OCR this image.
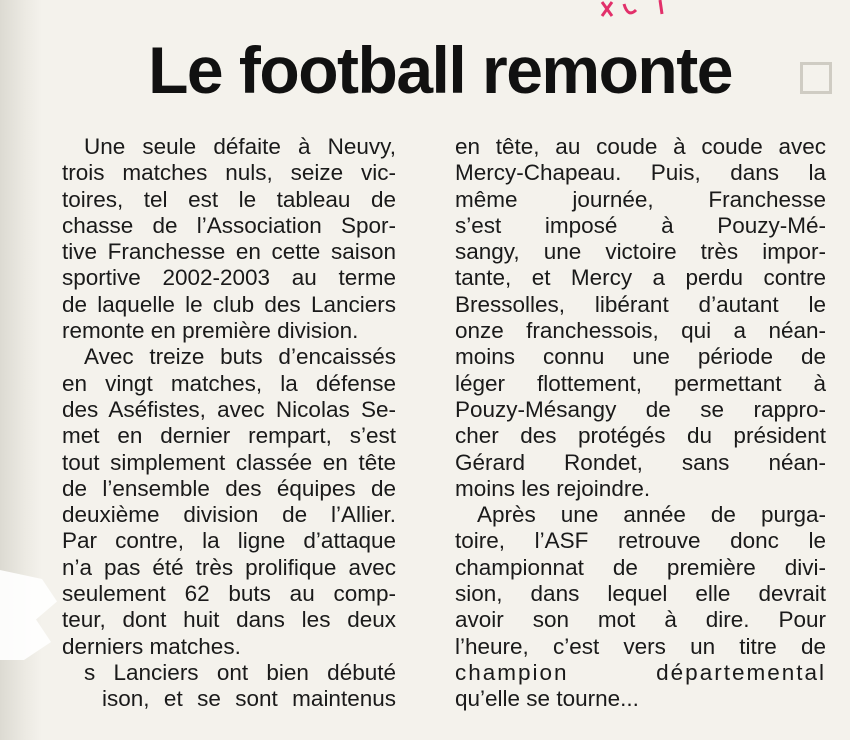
Le football remonte
Une seule défaite à Neuvy,
trois matches nuls, seize vic-
toires, tel est le tableau de
chasse de l’Association Spor-
tive Franchesse en cette saison
sportive 2002-2003 au terme
de laquelle le club des Lanciers
remonte en première division.
Avec treize buts d’encaissés
en vingt matches, la défense
des Aséfistes, avec Nicolas Se-
met en dernier rempart, s’est
tout simplement classée en tête
de l’ensemble des équipes de
deuxième division de l’Allier.
Par contre, la ligne d’attaque
n’a pas été très prolifique avec
seulement 62 buts au comp-
teur, dont huit dans les deux
derniers matches.
s Lanciers ont bien débuté
ison, et se sont maintenus
en tête, au coude à coude avec
Mercy-Chapeau. Puis, dans la
même journée, Franchesse
s’est imposé à Pouzy-Mé-
sangy, une victoire très impor-
tante, et Mercy a perdu contre
Bressolles, libérant d’autant le
onze franchessois, qui a néan-
moins connu une période de
léger flottement, permettant à
Pouzy-Mésangy de se rappro-
cher des protégés du président
Gérard Rondet, sans néan-
moins les rejoindre.
Après une année de purga-
toire, l’ASF retrouve donc le
championnat de première divi-
sion, dans lequel elle devrait
avoir son mot à dire. Pour
l’heure, c’est vers un titre de
champion départemental
qu’elle se tourne...
